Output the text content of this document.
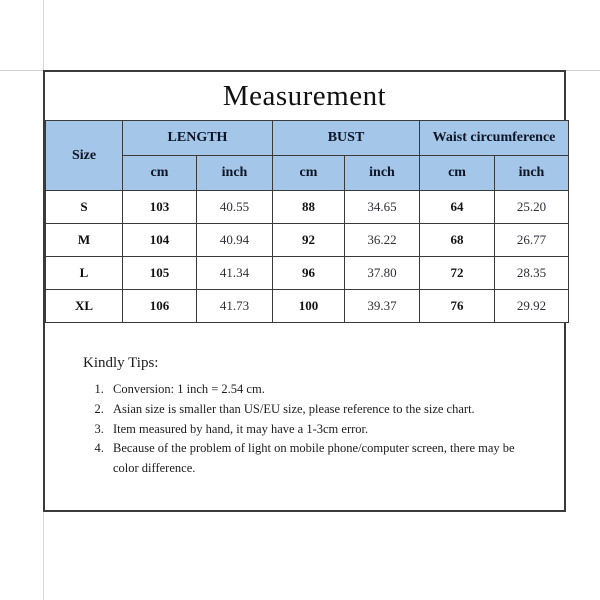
Measurement
Size	LENGTH		BUST		Waist circumference	
	cm	inch	cm	inch	cm	inch
S	103	40.55	88	34.65	64	25.20
M	104	40.94	92	36.22	68	26.77
L	105	41.34	96	37.80	72	28.35
XL	106	41.73	100	39.37	76	29.92
Kindly Tips:
1. Conversion: 1 inch = 2.54 cm.
2. Asian size is smaller than US/EU size, please reference to the size chart.
3. Item measured by hand, it may have a 1-3cm error.
4. Because of the problem of light on mobile phone/computer screen, there may be color difference.
